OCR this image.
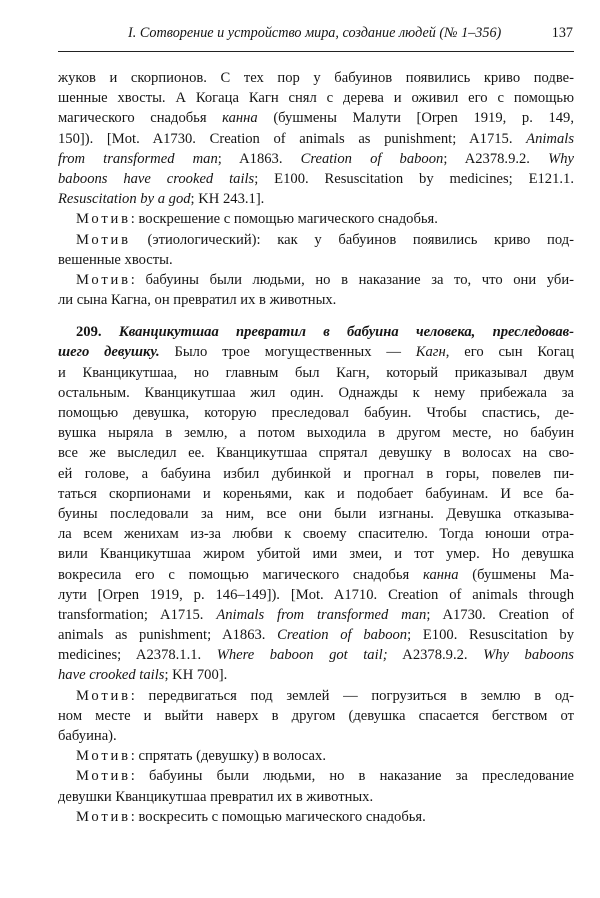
I. Сотворение и устройство мира, создание людей (№ 1–356)	137
жуков и скорпионов. С тех пор у бабуинов появились криво подве-
шенные хвосты. А Когаца Кагн снял с дерева и оживил его с помощью
магического снадобья канна (бушмены Малути [Orpen 1919, p. 149,
150]). [Mot. A1730. Creation of animals as punishment; A1715. Animals
from transformed man; A1863. Creation of baboon; A2378.9.2. Why
baboons have crooked tails; E100. Resuscitation by medicines; E121.1.
Resuscitation by a god; KH 243.1].
Мотив: воскрешение с помощью магического снадобья.
Мотив (этиологический): как у бабуинов появились криво под-
вешенные хвосты.
Мотив: бабуины были людьми, но в наказание за то, что они уби-
ли сына Кагна, он превратил их в животных.
209. Кванцикутшаа превратил в бабуина человека, преследовав-
шего девушку. Было трое могущественных — Кагн, его сын Когац
и Кванцикутшаа, но главным был Кагн, который приказывал двум
остальным. Кванцикутшаа жил один. Однажды к нему прибежала за
помощью девушка, которую преследовал бабуин. Чтобы спастись, де-
вушка ныряла в землю, а потом выходила в другом месте, но бабуин
все же выследил ее. Кванцикутшаа спрятал девушку в волосах на сво-
ей голове, а бабуина избил дубинкой и прогнал в горы, повелев пи-
таться скорпионами и кореньями, как и подобает бабуинам. И все ба-
буины последовали за ним, все они были изгнаны. Девушка отказыва-
ла всем женихам из-за любви к своему спасителю. Тогда юноши отра-
вили Кванцикутшаа жиром убитой ими змеи, и тот умер. Но девушка
вокресила его с помощью магического снадобья канна (бушмены Ма-
лути [Orpen 1919, p. 146–149]). [Mot. A1710. Creation of animals through
transformation; A1715. Animals from transformed man; A1730. Creation of
animals as punishment; A1863. Creation of baboon; E100. Resuscitation by
medicines; A2378.1.1. Where baboon got tail; A2378.9.2. Why baboons
have crooked tails; KH 700].
Мотив: передвигаться под землей — погрузиться в землю в од-
ном месте и выйти наверх в другом (девушка спасается бегством от
бабуина).
Мотив: спрятать (девушку) в волосах.
Мотив: бабуины были людьми, но в наказание за преследование
девушки Кванцикутшаа превратил их в животных.
Мотив: воскресить с помощью магического снадобья.
